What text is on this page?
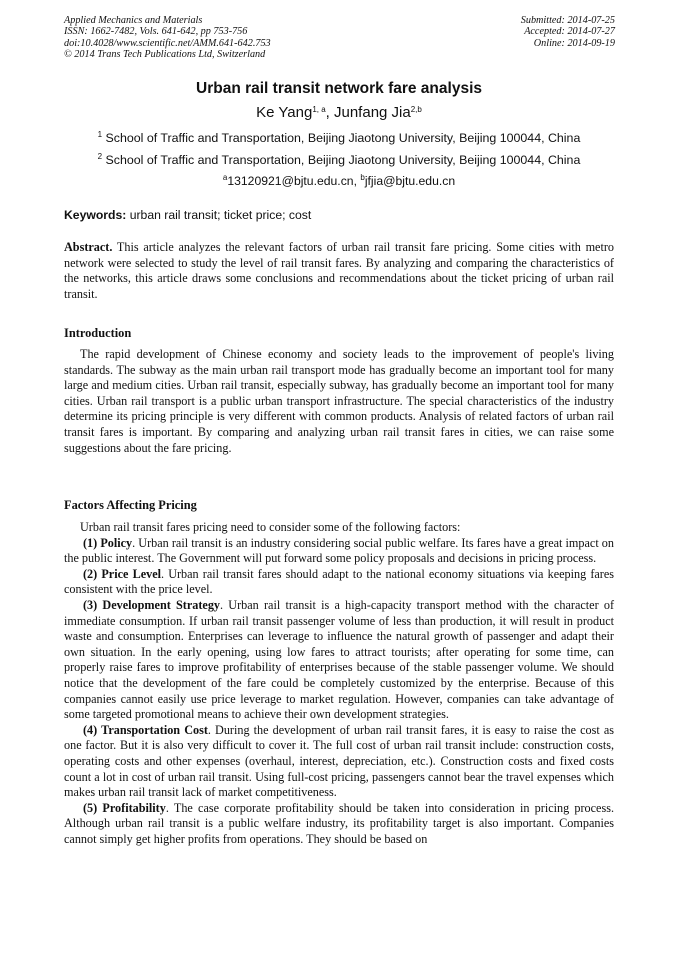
Applied Mechanics and Materials
ISSN: 1662-7482, Vols. 641-642, pp 753-756
doi:10.4028/www.scientific.net/AMM.641-642.753
© 2014 Trans Tech Publications Ltd, Switzerland
Submitted: 2014-07-25
Accepted: 2014-07-27
Online: 2014-09-19
Urban rail transit network fare analysis
Ke Yang$^{1, a}$, Junfang Jia$^{2,b}$
$^1$ School of Traffic and Transportation, Beijing Jiaotong University, Beijing 100044, China
$^2$ School of Traffic and Transportation, Beijing Jiaotong University, Beijing 100044, China
$^a$13120921@bjtu.edu.cn, $^b$jfjia@bjtu.edu.cn
Keywords: urban rail transit; ticket price; cost
Abstract. This article analyzes the relevant factors of urban rail transit fare pricing. Some cities with metro network were selected to study the level of rail transit fares. By analyzing and comparing the characteristics of the networks, this article draws some conclusions and recommendations about the ticket pricing of urban rail transit.
Introduction
The rapid development of Chinese economy and society leads to the improvement of people's living standards. The subway as the main urban rail transport mode has gradually become an important tool for many large and medium cities. Urban rail transit, especially subway, has gradually become an important tool for many cities. Urban rail transport is a public urban transport infrastructure. The special characteristics of the industry determine its pricing principle is very different with common products. Analysis of related factors of urban rail transit fares is important. By comparing and analyzing urban rail transit fares in cities, we can raise some suggestions about the fare pricing.
Factors Affecting Pricing

Urban rail transit fares pricing need to consider some of the following factors:

(1) Policy. Urban rail transit is an industry considering social public welfare. Its fares have a great impact on the public interest. The Government will put forward some policy proposals and decisions in pricing process.

(2) Price Level. Urban rail transit fares should adapt to the national economy situations via keeping fares consistent with the price level.

(3) Development Strategy. Urban rail transit is a high-capacity transport method with the character of immediate consumption. If urban rail transit passenger volume of less than production, it will result in product waste and consumption. Enterprises can leverage to influence the natural growth of passenger and adapt their own situation. In the early opening, using low fares to attract tourists; after operating for some time, can properly raise fares to improve profitability of enterprises because of the stable passenger volume. We should notice that the development of the fare could be completely customized by the enterprise. Because of this companies cannot easily use price leverage to market regulation. However, companies can take advantage of some targeted promotional means to achieve their own development strategies.

(4) Transportation Cost. During the development of urban rail transit fares, it is easy to raise the cost as one factor. But it is also very difficult to cover it. The full cost of urban rail transit include: construction costs, operating costs and other expenses (overhaul, interest, depreciation, etc.). Construction costs and fixed costs count a lot in cost of urban rail transit. Using full-cost pricing, passengers cannot bear the travel expenses which makes urban rail transit lack of market competitiveness.

(5) Profitability. The case corporate profitability should be taken into consideration in pricing process. Although urban rail transit is a public welfare industry, its profitability target is also important. Companies cannot simply get higher profits from operations. They should be based on
